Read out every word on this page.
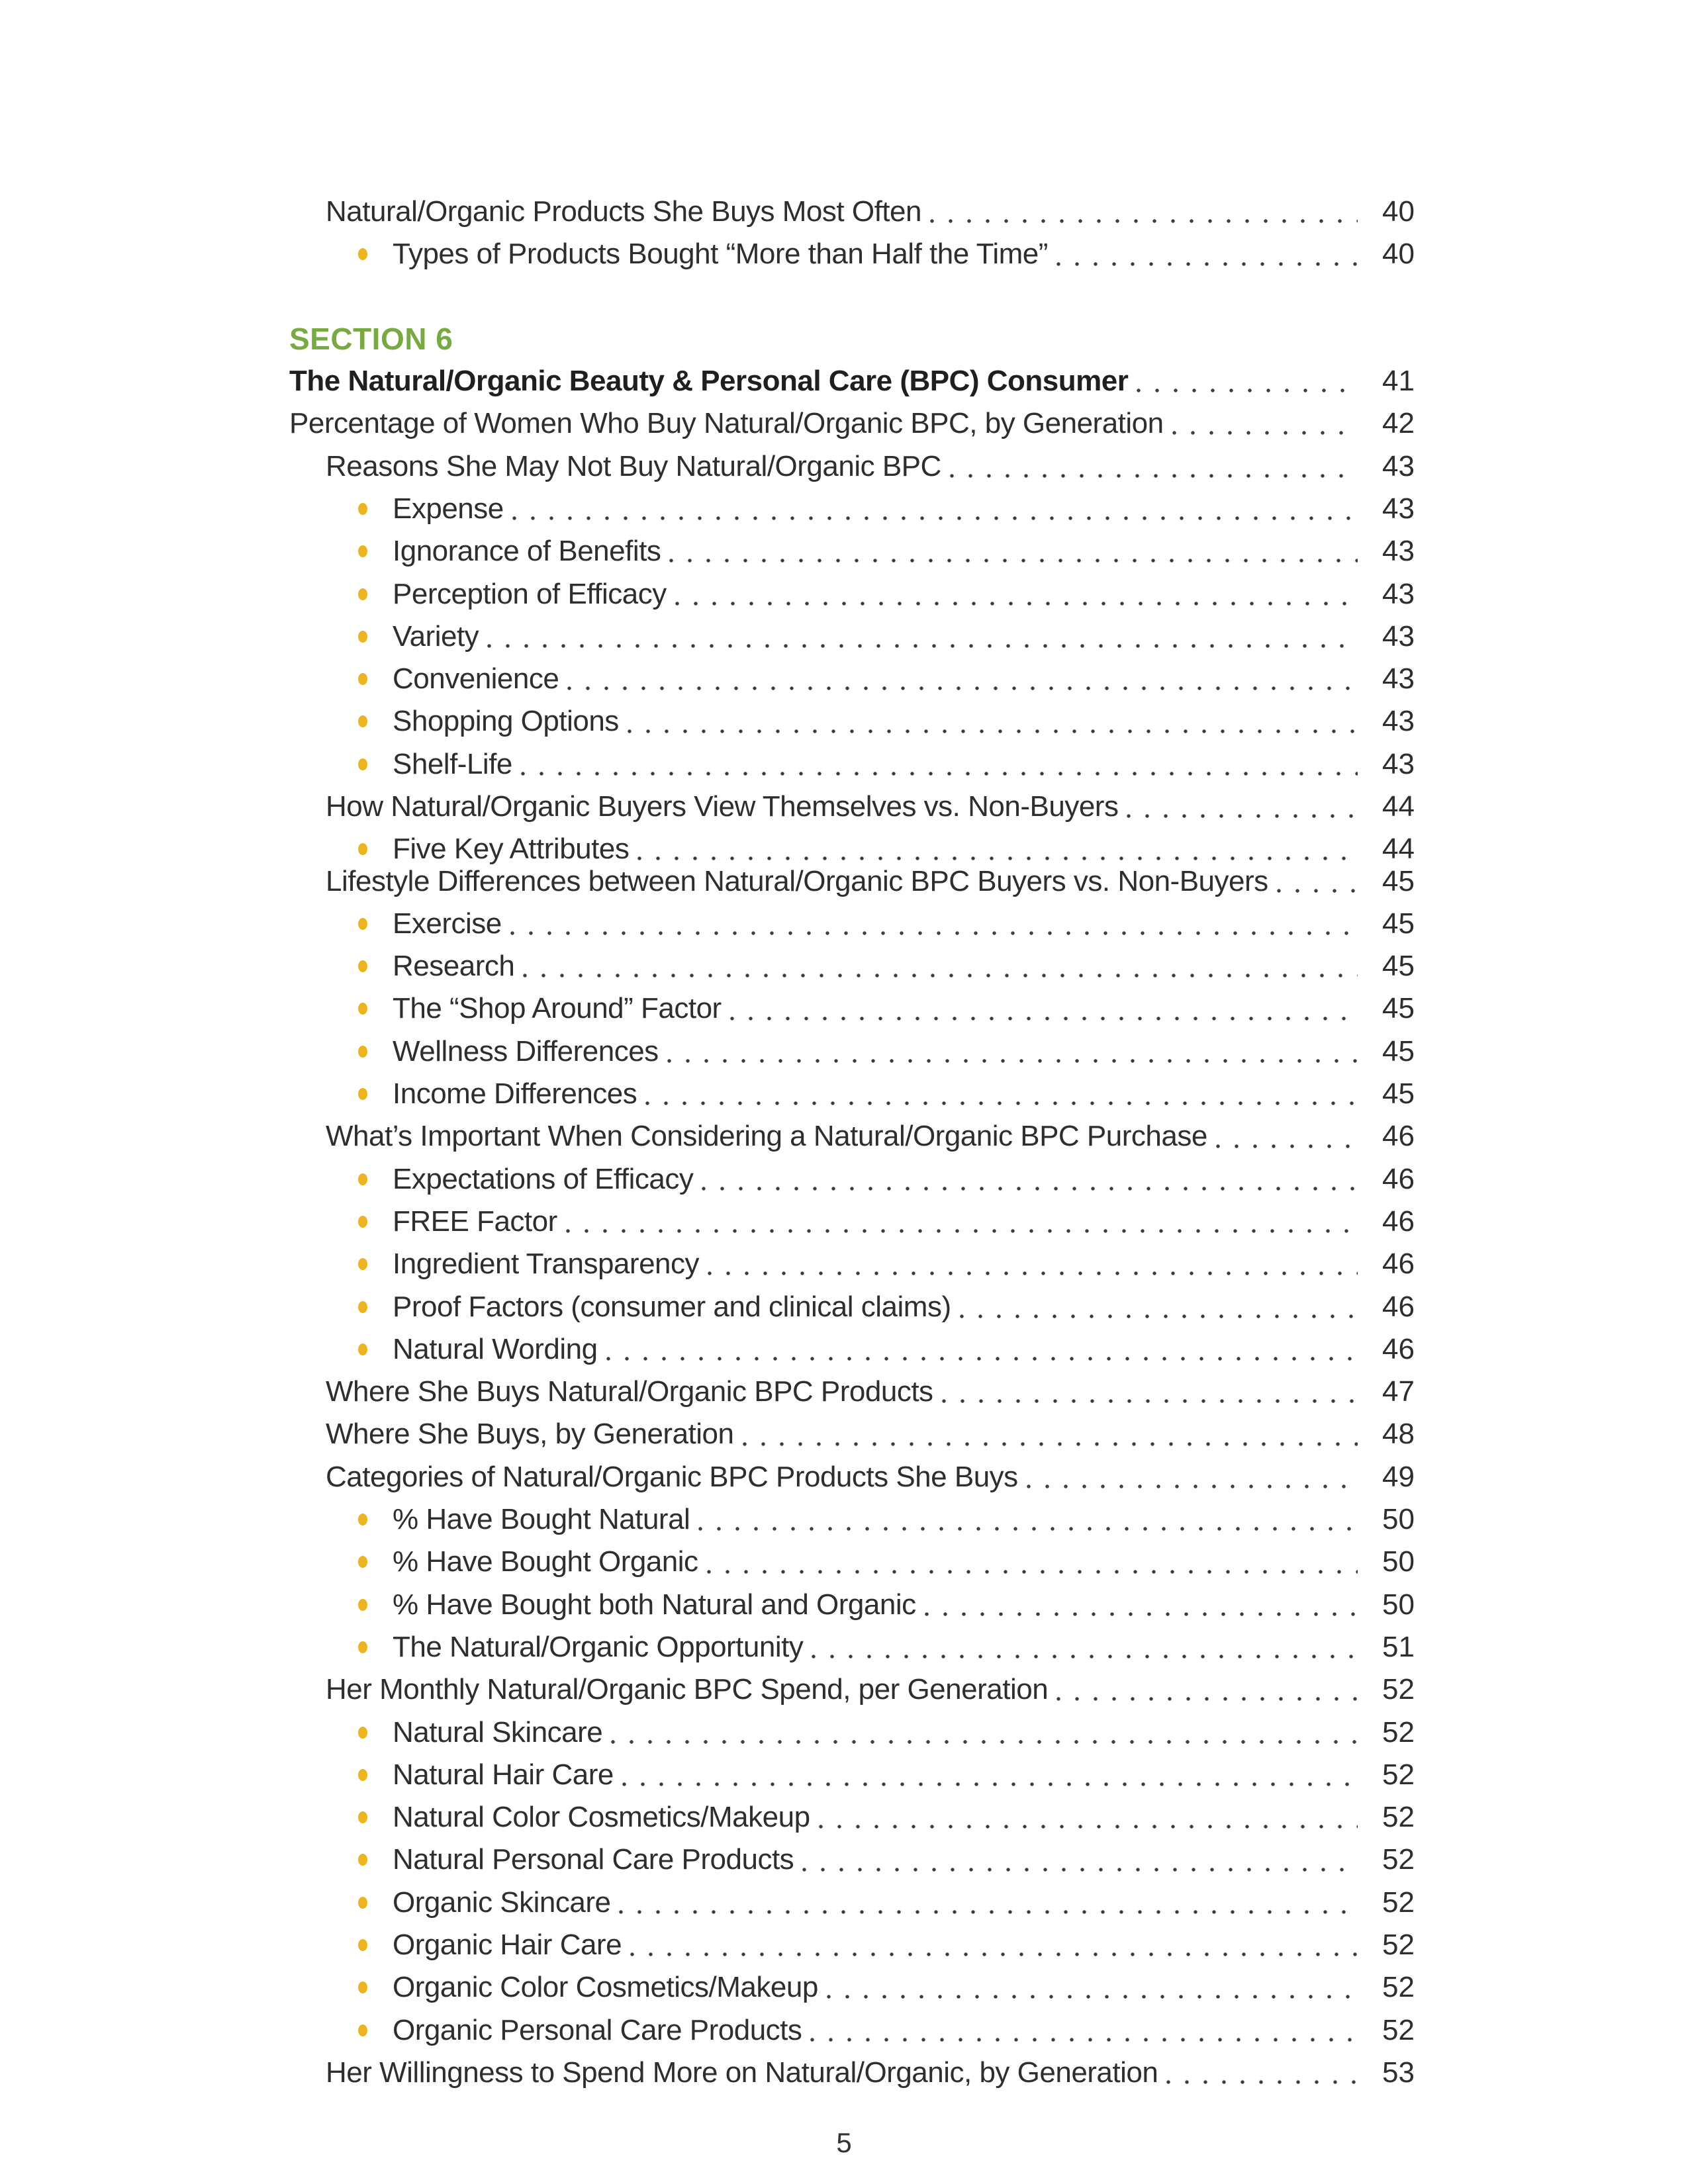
Natural/Organic Products She Buys Most Often	40
Types of Products Bought “More than Half the Time”	40
SECTION 6
The Natural/Organic Beauty & Personal Care (BPC) Consumer	41
Percentage of Women Who Buy Natural/Organic BPC, by Generation	42
Reasons She May Not Buy Natural/Organic BPC	43
Expense	43
Ignorance of Benefits	43
Perception of Efficacy	43
Variety	43
Convenience	43
Shopping Options	43
Shelf-Life	43
How Natural/Organic Buyers View Themselves vs. Non-Buyers	44
Five Key Attributes	44
Lifestyle Differences between Natural/Organic BPC Buyers vs. Non-Buyers	45
Exercise	45
Research	45
The “Shop Around” Factor	45
Wellness Differences	45
Income Differences	45
What’s Important When Considering a Natural/Organic BPC Purchase	46
Expectations of Efficacy	46
FREE Factor	46
Ingredient Transparency	46
Proof Factors (consumer and clinical claims)	46
Natural Wording	46
Where She Buys Natural/Organic BPC Products	47
Where She Buys, by Generation	48
Categories of Natural/Organic BPC Products She Buys	49
% Have Bought Natural	50
% Have Bought Organic	50
% Have Bought both Natural and Organic	50
The Natural/Organic Opportunity	51
Her Monthly Natural/Organic BPC Spend, per Generation	52
Natural Skincare	52
Natural Hair Care	52
Natural Color Cosmetics/Makeup	52
Natural Personal Care Products	52
Organic Skincare	52
Organic Hair Care	52
Organic Color Cosmetics/Makeup	52
Organic Personal Care Products	52
Her Willingness to Spend More on Natural/Organic, by Generation	53
5
